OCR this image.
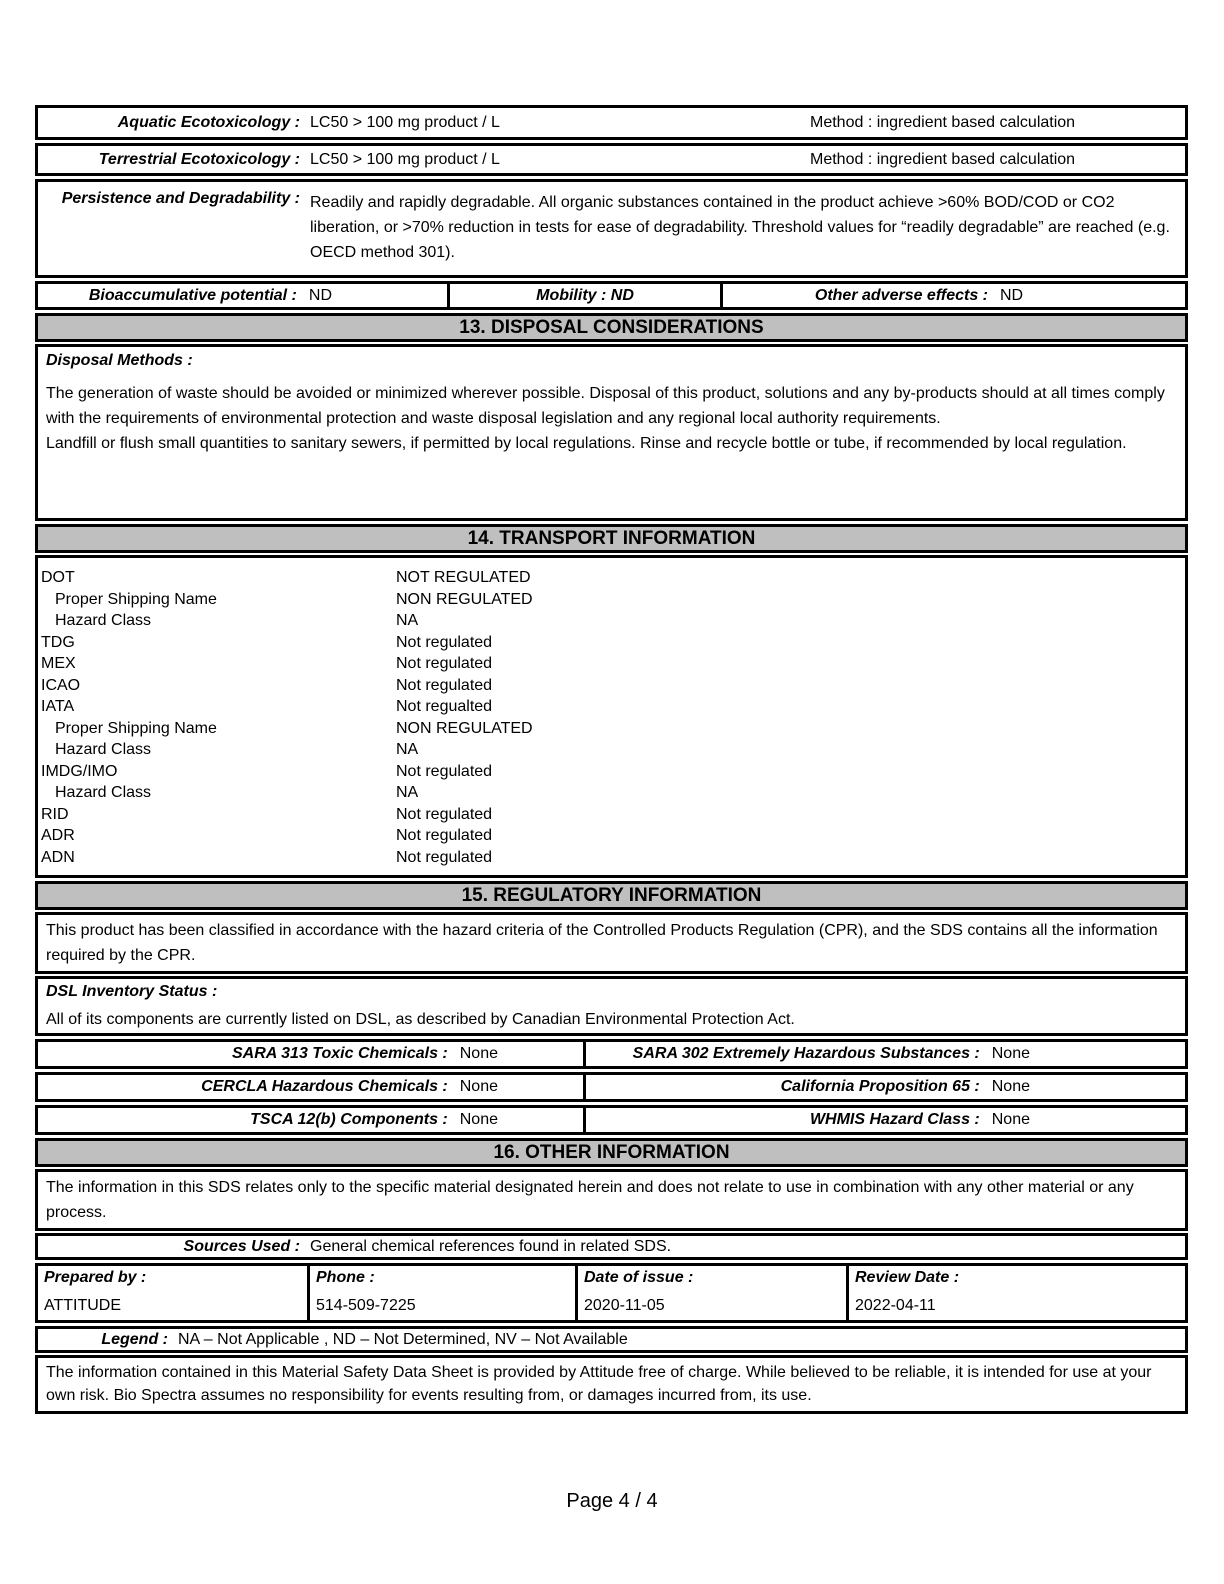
Aquatic Ecotoxicology : LC50 > 100 mg product / L	Method : ingredient based calculation
Terrestrial Ecotoxicology : LC50 > 100 mg product / L	Method : ingredient based calculation
Persistence and Degradability : Readily and rapidly degradable. All organic substances contained in the product achieve >60% BOD/COD or CO2 liberation, or >70% reduction in tests for ease of degradability. Threshold values for “readily degradable” are reached (e.g. OECD method 301).
Bioaccumulative potential : ND	Mobility : ND	Other adverse effects : ND
13. DISPOSAL CONSIDERATIONS
Disposal Methods :

The generation of waste should be avoided or minimized wherever possible. Disposal of this product, solutions and any by-products should at all times comply with the requirements of environmental protection and waste disposal legislation and any regional local authority requirements.

Landfill or flush small quantities to sanitary sewers, if permitted by local regulations. Rinse and recycle bottle or tube, if recommended by local regulation.

14. TRANSPORT INFORMATION
DOT	NOT REGULATED
Proper Shipping Name	NON REGULATED
Hazard Class	NA
TDG	Not regulated
MEX	Not regulated
ICAO	Not regulated
IATA	Not regualted
Proper Shipping Name	NON REGULATED
Hazard Class	NA
IMDG/IMO	Not regulated
Hazard Class	NA
RID	Not regulated
ADR	Not regulated
ADN	Not regulated
15. REGULATORY INFORMATION
This product has been classified in accordance with the hazard criteria of the Controlled Products Regulation (CPR), and the SDS contains all the information required by the CPR.
DSL Inventory Status :
All of its components are currently listed on DSL, as described by Canadian Environmental Protection Act.
SARA 313 Toxic Chemicals : None	SARA 302 Extremely Hazardous Substances : None
CERCLA Hazardous Chemicals : None	California Proposition 65 : None
TSCA 12(b) Components : None	WHMIS Hazard Class : None
16. OTHER INFORMATION
The information in this SDS relates only to the specific material designated herein and does not relate to use in combination with any other material or any process.
Sources Used : General chemical references found in related SDS.
Prepared by :
ATTITUDE
Phone :
514-509-7225
Date of issue :
2020-11-05
Review Date :
2022-04-11
Legend : NA – Not Applicable , ND – Not Determined, NV – Not Available
The information contained in this Material Safety Data Sheet is provided by Attitude free of charge. While believed to be reliable, it is intended for use at your own risk. Bio Spectra assumes no responsibility for events resulting from, or damages incurred from, its use.
Page 4 / 4
